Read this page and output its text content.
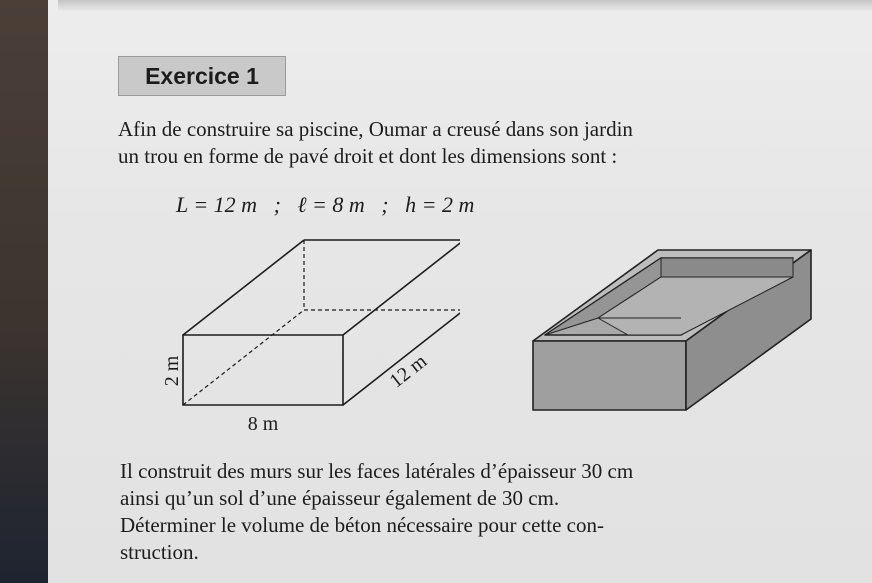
Exercice 1
Afin de construire sa piscine, Oumar a creusé dans son jardin
un trou en forme de pavé droit et dont les dimensions sont :
L = 12 m   ;   ℓ = 8 m   ;   h = 2 m
2 m
8 m
12 m
Il construit des murs sur les faces latérales d’épaisseur 30 cm
ainsi qu’un sol d’une épaisseur également de 30 cm.
Déterminer le volume de béton nécessaire pour cette con-
struction.
